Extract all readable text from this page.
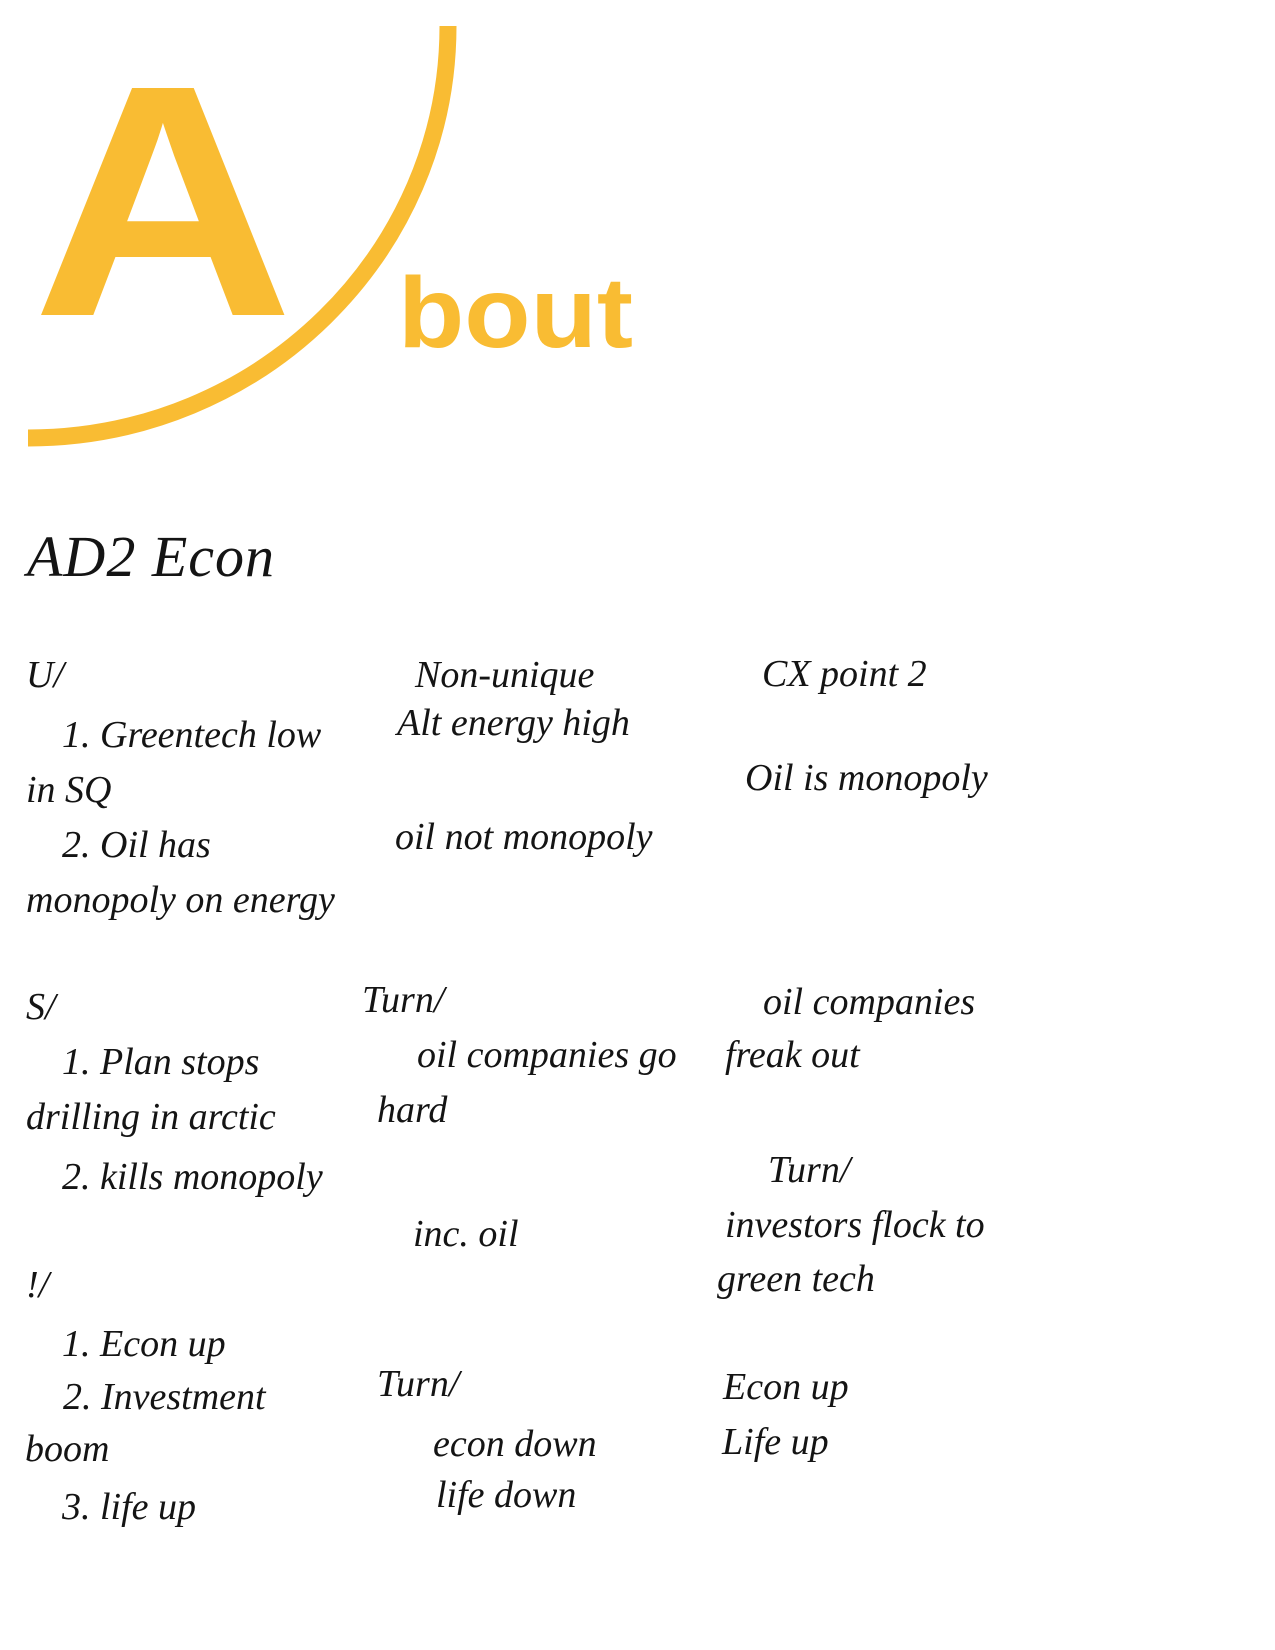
A bout
AD2 Econ
U/
1. Greentech low
in SQ
2. Oil has
monopoly on energy
S/
1. Plan stops
drilling in arctic
2. kills monopoly
!/
1. Econ up
2. Investment
boom
3. life up
Non-unique
Alt energy high
oil not monopoly
Turn/
oil companies go
hard
inc. oil
Turn/
econ down
life down
CX point 2
Oil is monopoly
oil companies
freak out
Turn/
investors flock to
green tech
Econ up
Life up
